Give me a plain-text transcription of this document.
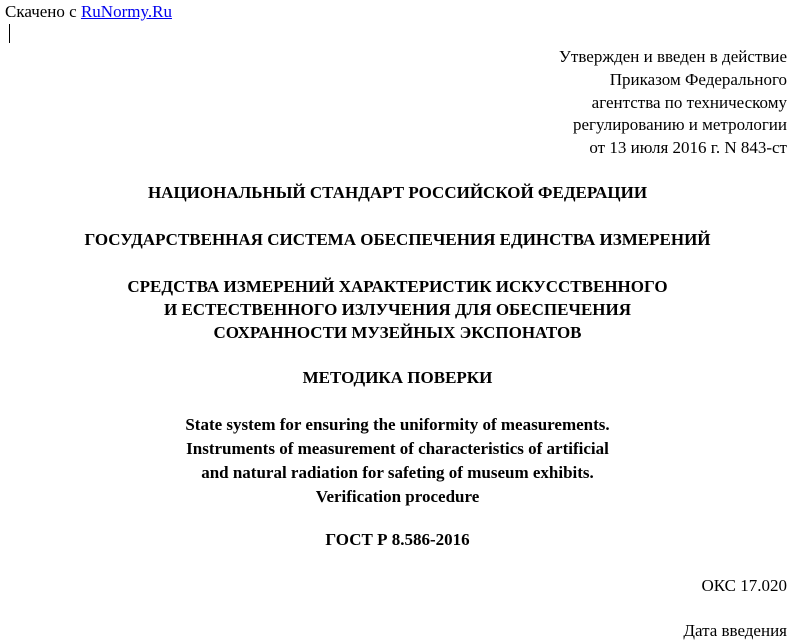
Скачено с RuNormy.Ru
Утвержден и введен в действие
Приказом Федерального
агентства по техническому
регулированию и метрологии
от 13 июля 2016 г. N 843-ст
НАЦИОНАЛЬНЫЙ СТАНДАРТ РОССИЙСКОЙ ФЕДЕРАЦИИ
ГОСУДАРСТВЕННАЯ СИСТЕМА ОБЕСПЕЧЕНИЯ ЕДИНСТВА ИЗМЕРЕНИЙ
СРЕДСТВА ИЗМЕРЕНИЙ ХАРАКТЕРИСТИК ИСКУССТВЕННОГО
И ЕСТЕСТВЕННОГО ИЗЛУЧЕНИЯ ДЛЯ ОБЕСПЕЧЕНИЯ
СОХРАННОСТИ МУЗЕЙНЫХ ЭКСПОНАТОВ
МЕТОДИКА ПОВЕРКИ
State system for ensuring the uniformity of measurements.
Instruments of measurement of characteristics of artificial
and natural radiation for safeting of museum exhibits.
Verification procedure
ГОСТ Р 8.586-2016
ОКС 17.020
Дата введения
